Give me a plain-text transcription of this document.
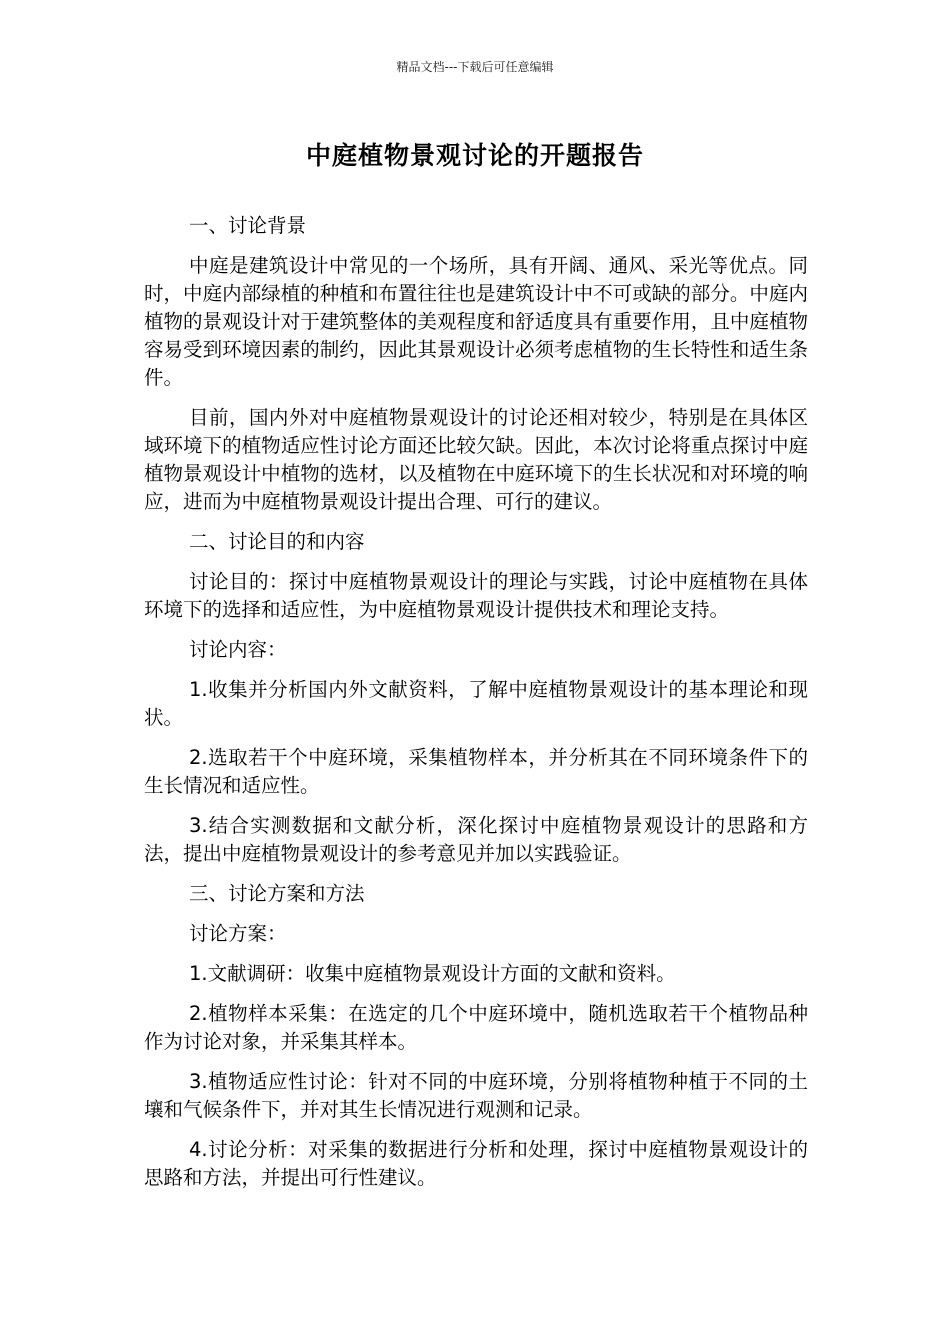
精品文档---下载后可任意编辑
中庭植物景观讨论的开题报告

一、讨论背景

中庭是建筑设计中常见的一个场所，具有开阔、通风、采光等优点。同时，中庭内部绿植的种植和布置往往也是建筑设计中不可或缺的部分。中庭内植物的景观设计对于建筑整体的美观程度和舒适度具有重要作用，且中庭植物容易受到环境因素的制约，因此其景观设计必须考虑植物的生长特性和适生条件。

目前，国内外对中庭植物景观设计的讨论还相对较少，特别是在具体区域环境下的植物适应性讨论方面还比较欠缺。因此，本次讨论将重点探讨中庭植物景观设计中植物的选材，以及植物在中庭环境下的生长状况和对环境的响应，进而为中庭植物景观设计提出合理、可行的建议。

二、讨论目的和内容

讨论目的：探讨中庭植物景观设计的理论与实践，讨论中庭植物在具体环境下的选择和适应性，为中庭植物景观设计提供技术和理论支持。

讨论内容：

1.收集并分析国内外文献资料，了解中庭植物景观设计的基本理论和现状。

2.选取若干个中庭环境，采集植物样本，并分析其在不同环境条件下的生长情况和适应性。

3.结合实测数据和文献分析，深化探讨中庭植物景观设计的思路和方法，提出中庭植物景观设计的参考意见并加以实践验证。

三、讨论方案和方法

讨论方案：

1.文献调研：收集中庭植物景观设计方面的文献和资料。

2.植物样本采集：在选定的几个中庭环境中，随机选取若干个植物品种作为讨论对象，并采集其样本。

3.植物适应性讨论：针对不同的中庭环境，分别将植物种植于不同的土壤和气候条件下，并对其生长情况进行观测和记录。

4.讨论分析：对采集的数据进行分析和处理，探讨中庭植物景观设计的思路和方法，并提出可行性建议。
